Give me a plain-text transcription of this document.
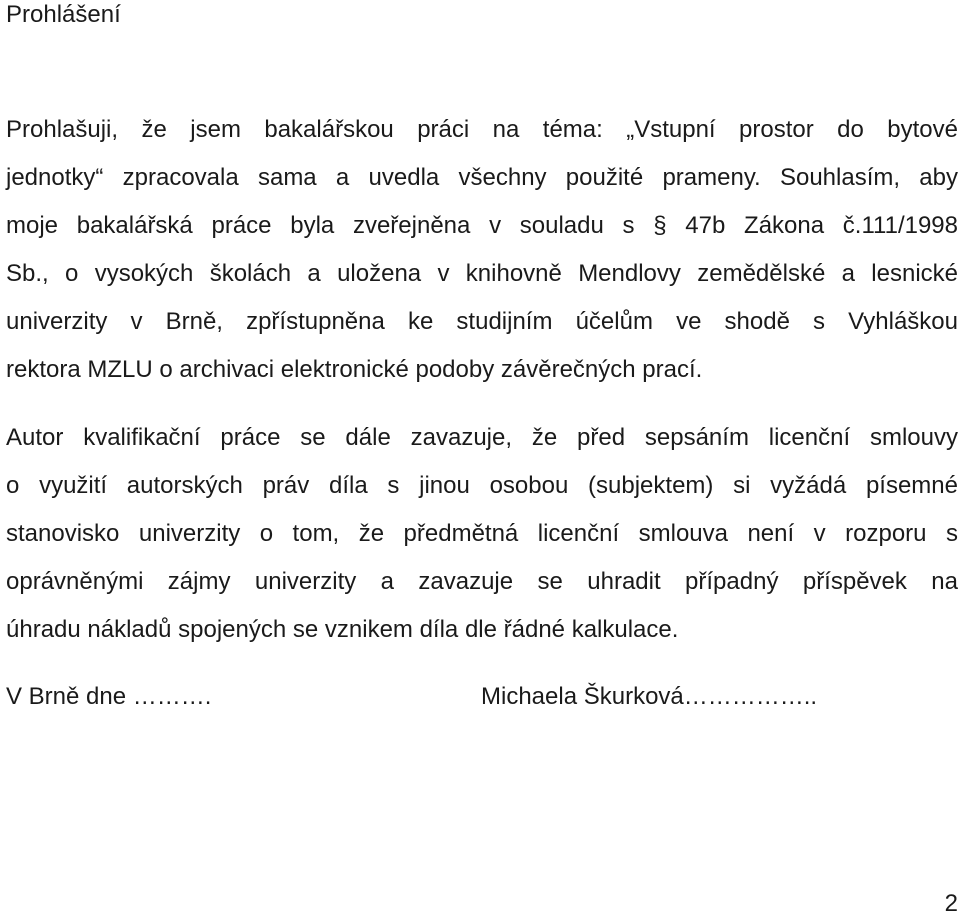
Prohlášení
Prohlašuji, že jsem bakalářskou práci na téma: „Vstupní prostor do bytové
jednotky“ zpracovala sama a uvedla všechny použité prameny. Souhlasím, aby
moje bakalářská práce byla zveřejněna v souladu s § 47b Zákona č.111/1998
Sb., o vysokých školách a uložena v knihovně Mendlovy zemědělské a lesnické
univerzity v Brně, zpřístupněna ke studijním účelům ve shodě s Vyhláškou
rektora MZLU o archivaci elektronické podoby závěrečných prací.
Autor kvalifikační práce se dále zavazuje, že před sepsáním licenční smlouvy
o využití autorských práv díla s jinou osobou (subjektem) si vyžádá písemné
stanovisko univerzity o tom, že předmětná licenční smlouva není v rozporu s
oprávněnými zájmy univerzity a zavazuje se uhradit případný příspěvek na
úhradu nákladů spojených se vznikem díla dle řádné kalkulace.
V Brně dne ……….	Michaela Škurková……………..
2
